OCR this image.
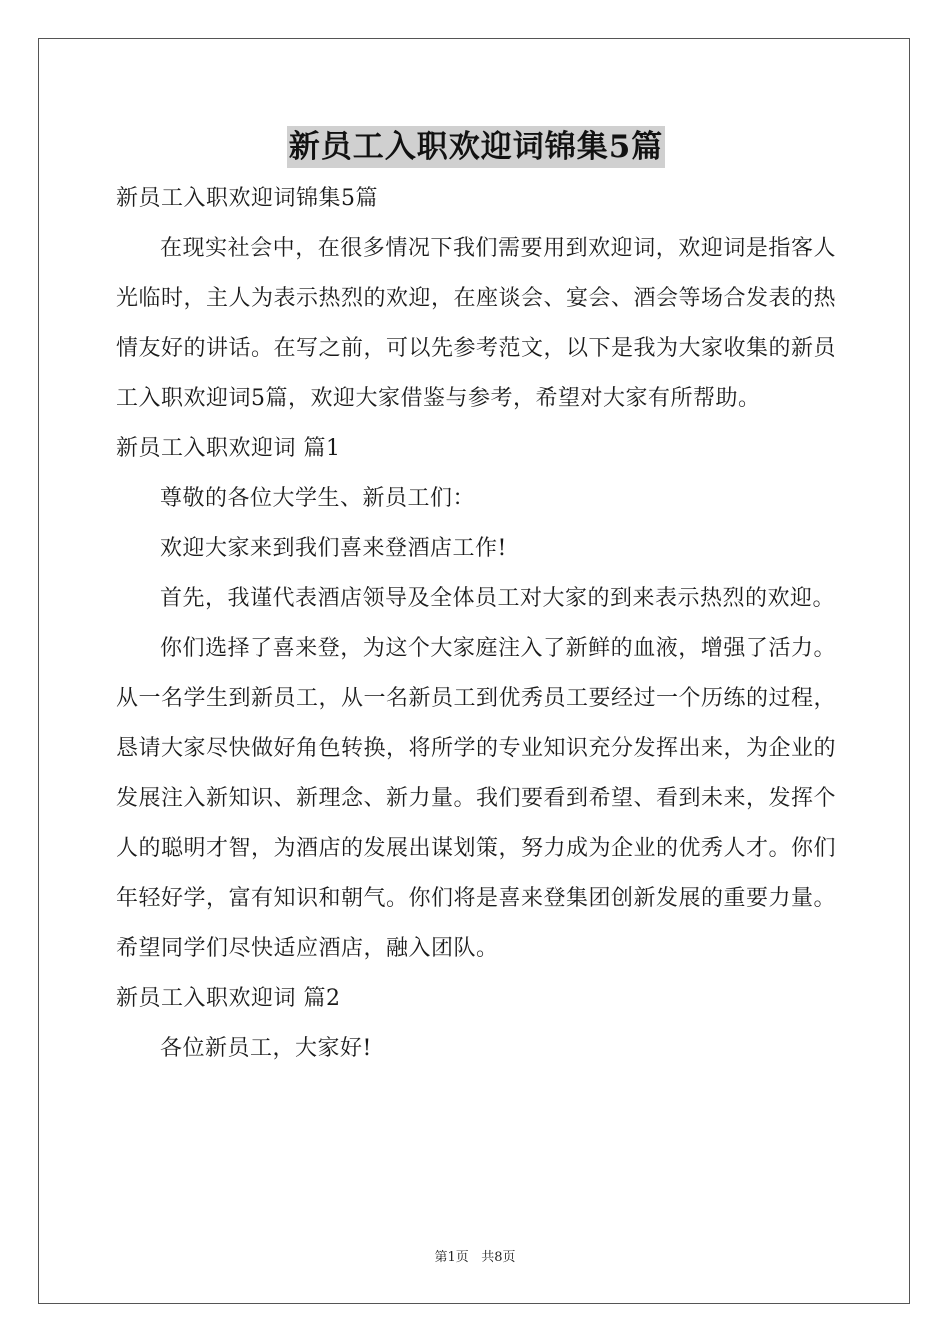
新员工入职欢迎词锦集5篇

新员工入职欢迎词锦集5篇

在现实社会中，在很多情况下我们需要用到欢迎词，欢迎词是指客人光临时，主人为表示热烈的欢迎，在座谈会、宴会、酒会等场合发表的热情友好的讲话。在写之前，可以先参考范文，以下是我为大家收集的新员工入职欢迎词5篇，欢迎大家借鉴与参考，希望对大家有所帮助。

新员工入职欢迎词 篇1

尊敬的各位大学生、新员工们：

欢迎大家来到我们喜来登酒店工作!

首先，我谨代表酒店领导及全体员工对大家的到来表示热烈的欢迎。

你们选择了喜来登，为这个大家庭注入了新鲜的血液，增强了活力。从一名学生到新员工，从一名新员工到优秀员工要经过一个历练的过程，恳请大家尽快做好角色转换，将所学的专业知识充分发挥出来，为企业的发展注入新知识、新理念、新力量。我们要看到希望、看到未来，发挥个人的聪明才智，为酒店的发展出谋划策，努力成为企业的优秀人才。你们年轻好学，富有知识和朝气。你们将是喜来登集团创新发展的重要力量。希望同学们尽快适应酒店，融入团队。

新员工入职欢迎词 篇2

各位新员工，大家好!

第1页 共8页
